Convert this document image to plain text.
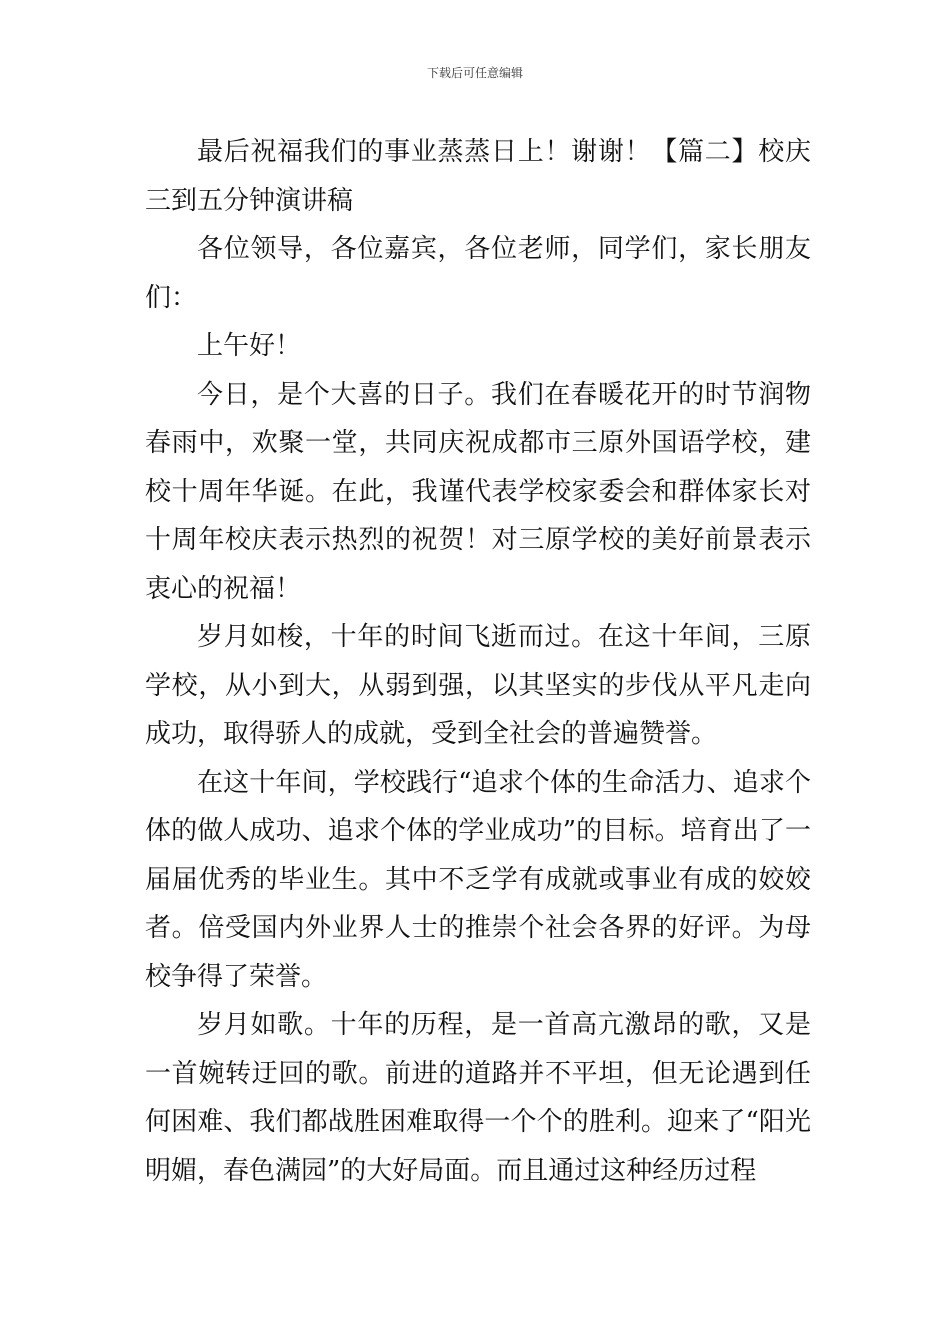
下载后可任意编辑

最后祝福我们的事业蒸蒸日上！谢谢！【篇二】校庆三到五分钟演讲稿

各位领导，各位嘉宾，各位老师，同学们，家长朋友们：

上午好！

今日，是个大喜的日子。我们在春暖花开的时节润物春雨中，欢聚一堂，共同庆祝成都市三原外国语学校，建校十周年华诞。在此，我谨代表学校家委会和群体家长对十周年校庆表示热烈的祝贺！对三原学校的美好前景表示衷心的祝福！

岁月如梭，十年的时间飞逝而过。在这十年间，三原学校，从小到大，从弱到强，以其坚实的步伐从平凡走向成功，取得骄人的成就，受到全社会的普遍赞誉。

在这十年间，学校践行“追求个体的生命活力、追求个体的做人成功、追求个体的学业成功”的目标。培育出了一届届优秀的毕业生。其中不乏学有成就或事业有成的姣姣者。倍受国内外业界人士的推崇个社会各界的好评。为母校争得了荣誉。

岁月如歌。十年的历程，是一首高亢激昂的歌，又是一首婉转迂回的歌。前进的道路并不平坦，但无论遇到任何困难、我们都战胜困难取得一个个的胜利。迎来了“阳光明媚，春色满园”的大好局面。而且通过这种经历过程
